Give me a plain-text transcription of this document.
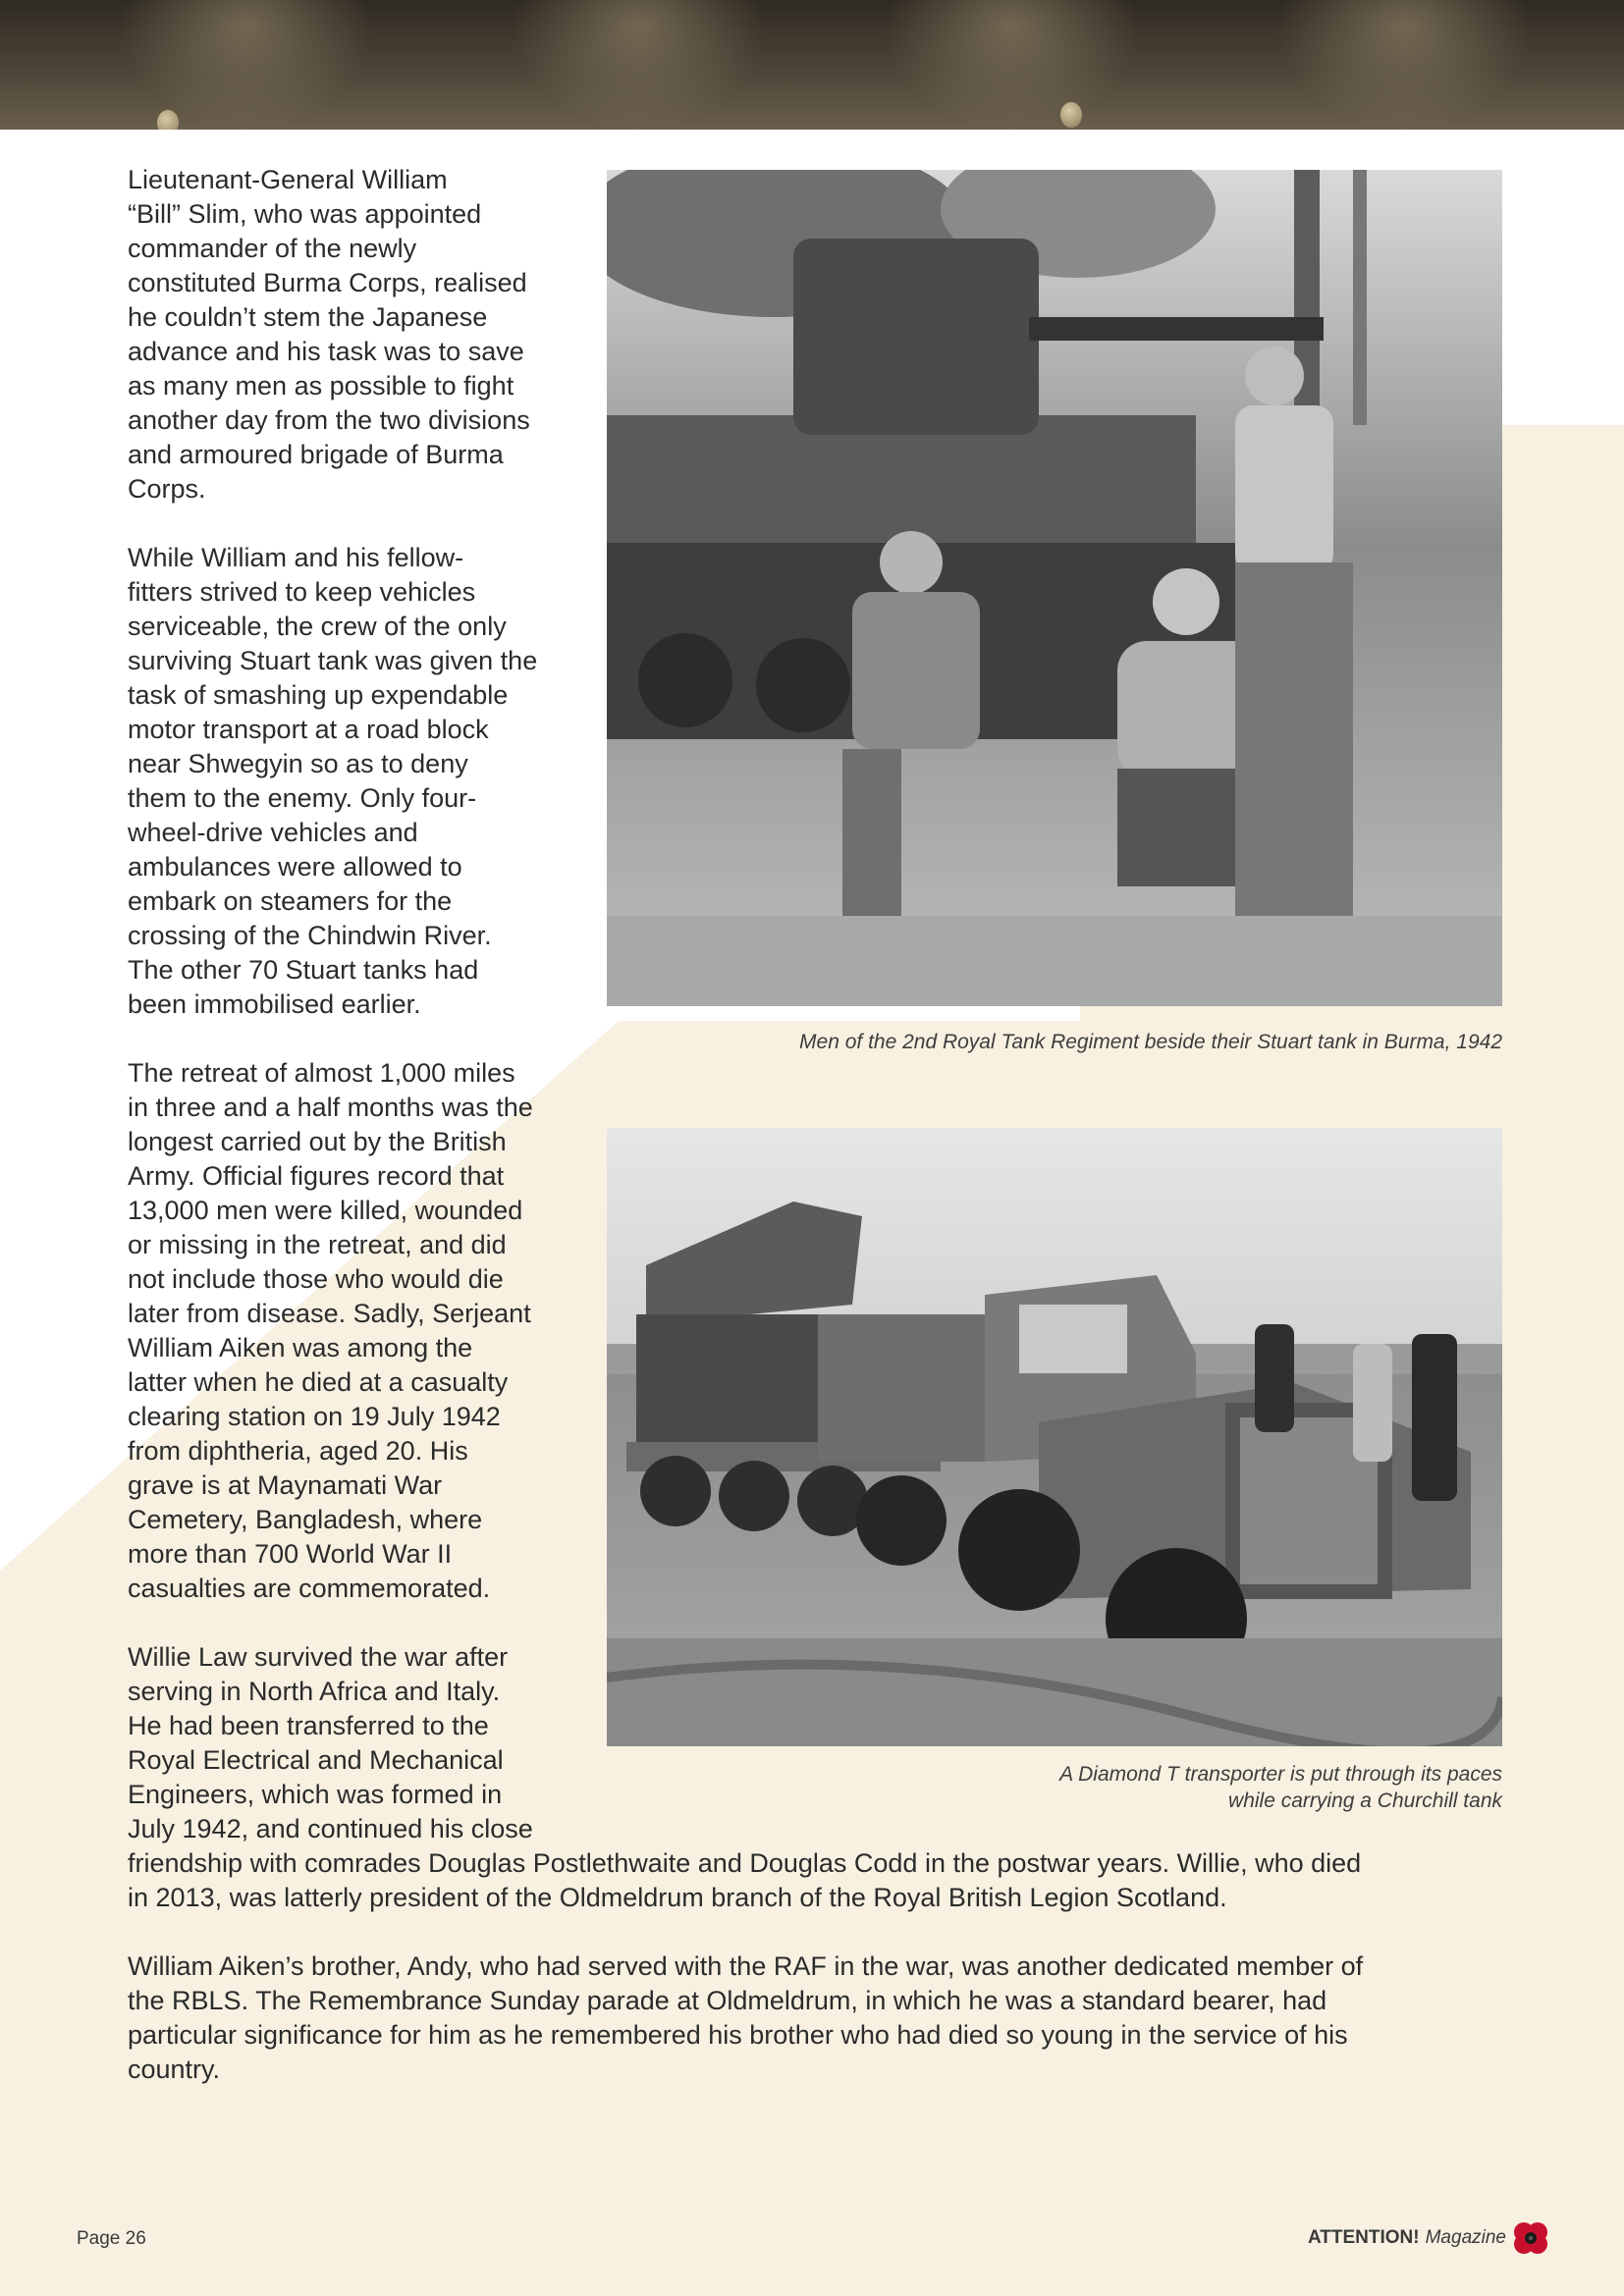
Lieutenant-General William
“Bill” Slim, who was appointed
commander of the newly
constituted Burma Corps, realised
he couldn’t stem the Japanese
advance and his task was to save
as many men as possible to fight
another day from the two divisions
and armoured brigade of Burma
Corps.

While William and his fellow-
fitters strived to keep vehicles
serviceable, the crew of the only
surviving Stuart tank was given the
task of smashing up expendable
motor transport at a road block
near Shwegyin so as to deny
them to the enemy. Only four-
wheel-drive vehicles and
ambulances were allowed to
embark on steamers for the
crossing of the Chindwin River.
The other 70 Stuart tanks had
been immobilised earlier.

The retreat of almost 1,000 miles
in three and a half months was the
longest carried out by the British
Army. Official figures record that
13,000 men were killed, wounded
or missing in the retreat, and did
not include those who would die
later from disease. Sadly, Serjeant
William Aiken was among the
latter when he died at a casualty
clearing station on 19 July 1942
from diphtheria, aged 20. His
grave is at Maynamati War
Cemetery, Bangladesh, where
more than 700 World War II
casualties are commemorated.

Willie Law survived the war after
serving in North Africa and Italy.
He had been transferred to the
Royal Electrical and Mechanical
Engineers, which was formed in
July 1942, and continued his close
friendship with comrades Douglas Postlethwaite and Douglas Codd in the postwar years. Willie, who died
in 2013, was latterly president of the Oldmeldrum branch of the Royal British Legion Scotland.

William Aiken’s brother, Andy, who had served with the RAF in the war, was another dedicated member of
the RBLS. The Remembrance Sunday parade at Oldmeldrum, in which he was a standard bearer, had
particular significance for him as he remembered his brother who had died so young in the service of his
country.

Men of the 2nd Royal Tank Regiment beside their Stuart tank in Burma, 1942

A Diamond T transporter is put through its paces
while carrying a Churchill tank

Page 26	ATTENTION! Magazine
